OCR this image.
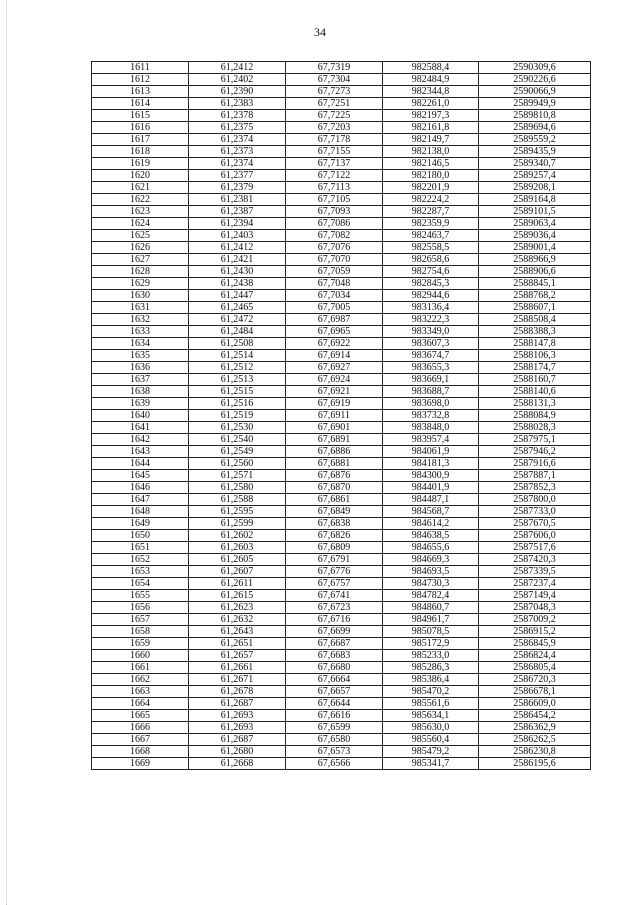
34
1611	61,2412	67,7319	982588,4	2590309,6
1612	61,2402	67,7304	982484,9	2590226,6
1613	61,2390	67,7273	982344,8	2590066,9
1614	61,2383	67,7251	982261,0	2589949,9
1615	61,2378	67,7225	982197,3	2589810,8
1616	61,2375	67,7203	982161,8	2589694,6
1617	61,2374	67,7178	982149,7	2589559,2
1618	61,2373	67,7155	982138,0	2589435,9
1619	61,2374	67,7137	982146,5	2589340,7
1620	61,2377	67,7122	982180,0	2589257,4
1621	61,2379	67,7113	982201,9	2589208,1
1622	61,2381	67,7105	982224,2	2589164,8
1623	61,2387	67,7093	982287,7	2589101,5
1624	61,2394	67,7086	982359,9	2589063,4
1625	61,2403	67,7082	982463,7	2589036,4
1626	61,2412	67,7076	982558,5	2589001,4
1627	61,2421	67,7070	982658,6	2588966,9
1628	61,2430	67,7059	982754,6	2588906,6
1629	61,2438	67,7048	982845,3	2588845,1
1630	61,2447	67,7034	982944,6	2588768,2
1631	61,2465	67,7005	983136,4	2588607,1
1632	61,2472	67,6987	983222,3	2588508,4
1633	61,2484	67,6965	983349,0	2588388,3
1634	61,2508	67,6922	983607,3	2588147,8
1635	61,2514	67,6914	983674,7	2588106,3
1636	61,2512	67,6927	983655,3	2588174,7
1637	61,2513	67,6924	983669,1	2588160,7
1638	61,2515	67,6921	983688,7	2588140,6
1639	61,2516	67,6919	983698,0	2588131,3
1640	61,2519	67,6911	983732,8	2588084,9
1641	61,2530	67,6901	983848,0	2588028,3
1642	61,2540	67,6891	983957,4	2587975,1
1643	61,2549	67,6886	984061,9	2587946,2
1644	61,2560	67,6881	984181,3	2587916,6
1645	61,2571	67,6876	984300,9	2587887,1
1646	61,2580	67,6870	984401,9	2587852,3
1647	61,2588	67,6861	984487,1	2587800,0
1648	61,2595	67,6849	984568,7	2587733,0
1649	61,2599	67,6838	984614,2	2587670,5
1650	61,2602	67,6826	984638,5	2587606,0
1651	61,2603	67,6809	984655,6	2587517,6
1652	61,2605	67,6791	984669,3	2587420,3
1653	61,2607	67,6776	984693,5	2587339,5
1654	61,2611	67,6757	984730,3	2587237,4
1655	61,2615	67,6741	984782,4	2587149,4
1656	61,2623	67,6723	984860,7	2587048,3
1657	61,2632	67,6716	984961,7	2587009,2
1658	61,2643	67,6699	985078,5	2586915,2
1659	61,2651	67,6687	985172,9	2586845,9
1660	61,2657	67,6683	985233,0	2586824,4
1661	61,2661	67,6680	985286,3	2586805,4
1662	61,2671	67,6664	985386,4	2586720,3
1663	61,2678	67,6657	985470,2	2586678,1
1664	61,2687	67,6644	985561,6	2586609,0
1665	61,2693	67,6616	985634,1	2586454,2
1666	61,2693	67,6599	985630,0	2586362,9
1667	61,2687	67,6580	985560,4	2586262,5
1668	61,2680	67,6573	985479,2	2586230,8
1669	61,2668	67,6566	985341,7	2586195,6
